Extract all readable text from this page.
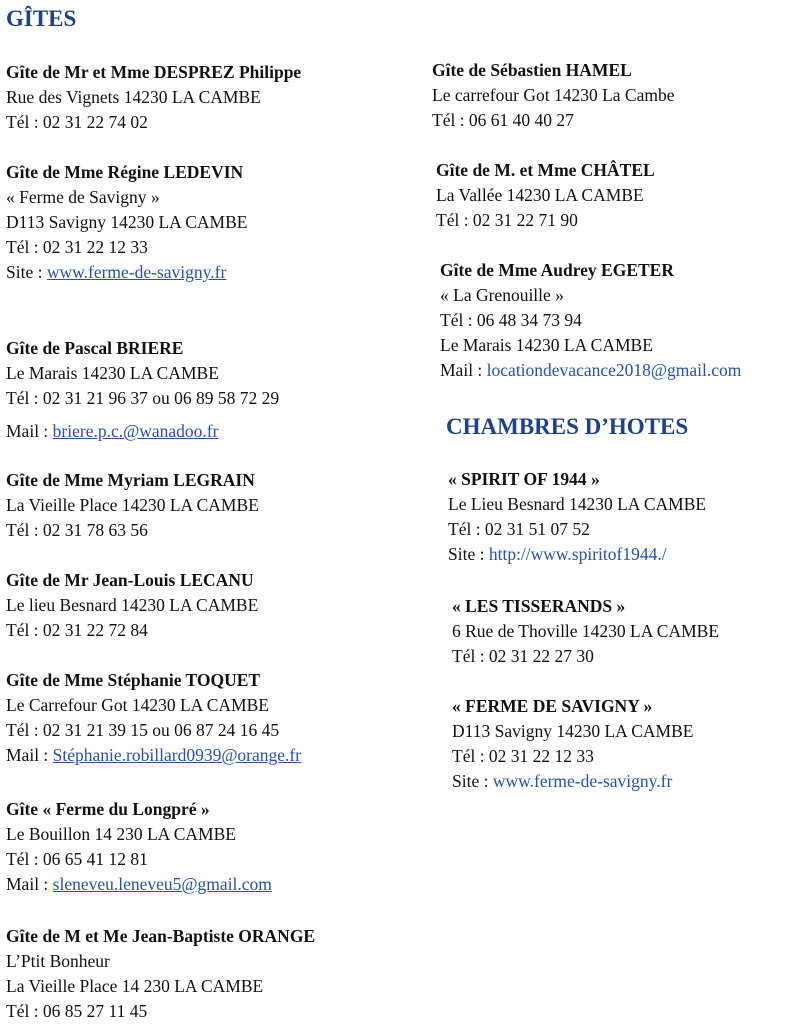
GÎTES
Gîte de Mr et Mme DESPREZ Philippe
Rue des Vignets 14230 LA CAMBE
Tél : 02 31 22 74 02
Gîte de Mme Régine LEDEVIN
« Ferme de Savigny »
D113 Savigny 14230 LA CAMBE
Tél : 02 31 22 12 33
Site : www.ferme-de-savigny.fr
Gîte de Pascal BRIERE
Le Marais 14230 LA CAMBE
Tél : 02 31 21 96 37 ou 06 89 58 72 29
Mail : briere.p.c.@wanadoo.fr
Gîte de Mme Myriam LEGRAIN
La Vieille Place 14230 LA CAMBE
Tél : 02 31 78 63 56
Gîte de Mr Jean-Louis LECANU
Le lieu Besnard 14230 LA CAMBE
Tél : 02 31 22 72 84
Gîte de Mme Stéphanie TOQUET
Le Carrefour Got 14230 LA CAMBE
Tél : 02 31 21 39 15 ou 06 87 24 16 45
Mail : Stéphanie.robillard0939@orange.fr
Gîte « Ferme du Longpré »
Le Bouillon 14 230 LA CAMBE
Tél : 06 65 41 12 81
Mail : sleneveu.leneveu5@gmail.com
Gîte de M et Me Jean-Baptiste ORANGE
L’Ptit Bonheur
La Vieille Place 14 230 LA CAMBE
Tél : 06 85 27 11 45
Gîte de Sébastien HAMEL
Le carrefour Got 14230 La Cambe
Tél : 06 61 40 40 27
Gîte de M. et Mme CHÂTEL
La Vallée 14230 LA CAMBE
Tél : 02 31 22 71 90
Gîte de Mme Audrey EGETER
« La Grenouille »
Tél : 06 48 34 73 94
Le Marais 14230 LA CAMBE
Mail : locationdevacance2018@gmail.com
CHAMBRES D’HOTES
« SPIRIT OF 1944 »
Le Lieu Besnard 14230 LA CAMBE
Tél : 02 31 51 07 52
Site : http://www.spiritof1944./
« LES TISSERANDS »
6 Rue de Thoville 14230 LA CAMBE
Tél : 02 31 22 27 30
« FERME DE SAVIGNY »
D113 Savigny 14230 LA CAMBE
Tél : 02 31 22 12 33
Site : www.ferme-de-savigny.fr
